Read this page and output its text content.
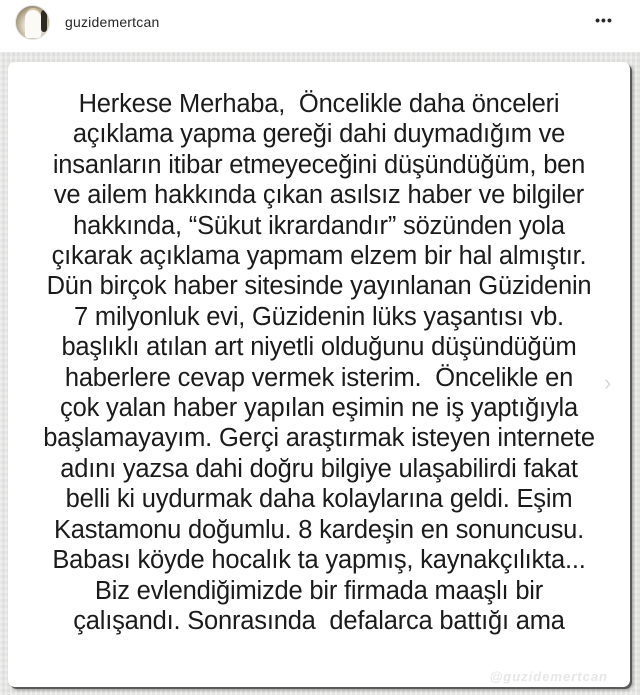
guzidemertcan	•••
Herkese Merhaba,  Öncelikle daha önceleri
açıklama yapma gereği dahi duymadığım ve
insanların itibar etmeyeceğini düşündüğüm, ben
ve ailem hakkında çıkan asılsız haber ve bilgiler
hakkında, “Sükut ikrardandır” sözünden yola
çıkarak açıklama yapmam elzem bir hal almıştır.
Dün birçok haber sitesinde yayınlanan Güzidenin
7 milyonluk evi, Güzidenin lüks yaşantısı vb.
başlıklı atılan art niyetli olduğunu düşündüğüm
haberlere cevap vermek isterim.  Öncelikle en
çok yalan haber yapılan eşimin ne iş yaptığıyla
başlamayayım. Gerçi araştırmak isteyen internete
adını yazsa dahi doğru bilgiye ulaşabilirdi fakat
belli ki uydurmak daha kolaylarına geldi. Eşim
Kastamonu doğumlu. 8 kardeşin en sonuncusu.
Babası köyde hocalık ta yapmış, kaynakçılıkta...
Biz evlendiğimizde bir firmada maaşlı bir
çalışandı. Sonrasında  defalarca battığı ama
›
@guzidemertcan
